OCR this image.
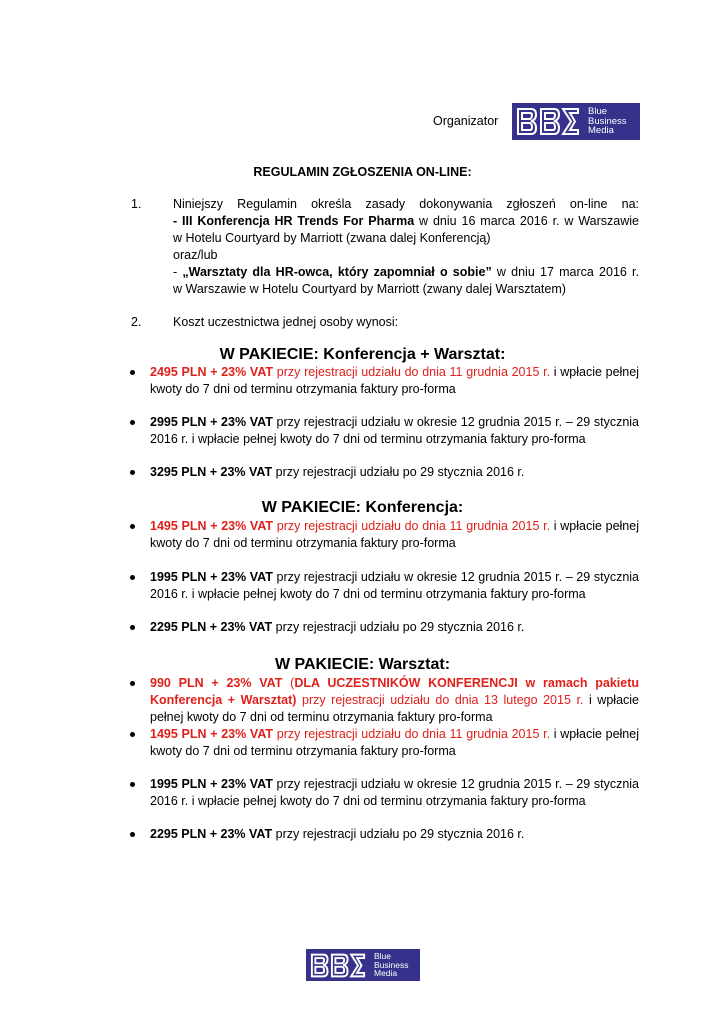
Organizator
Blue
Business
Media
REGULAMIN ZGŁOSZENIA ON-LINE:
1.	Niniejszy Regulamin określa zasady dokonywania zgłoszeń on-line na:
- III Konferencja HR Trends For Pharma w dniu 16 marca 2016 r. w Warszawie
w Hotelu Courtyard by Marriott (zwana dalej Konferencją)
oraz/lub
- „Warsztaty dla HR-owca, który zapomniał o sobie” w dniu 17 marca 2016 r.
w Warszawie w Hotelu Courtyard by Marriott (zwany dalej Warsztatem)
2.	Koszt uczestnictwa jednej osoby wynosi:
W PAKIECIE: Konferencja + Warsztat:
2495 PLN + 23% VAT przy rejestracji udziału do dnia 11 grudnia 2015 r. i wpłacie pełnej kwoty do 7 dni od terminu otrzymania faktury pro-forma
2995 PLN + 23% VAT przy rejestracji udziału w okresie 12 grudnia 2015 r. – 29 stycznia 2016 r. i wpłacie pełnej kwoty do 7 dni od terminu otrzymania faktury pro-forma
3295 PLN + 23% VAT przy rejestracji udziału po 29 stycznia 2016 r.
W PAKIECIE: Konferencja:
1495 PLN + 23% VAT przy rejestracji udziału do dnia 11 grudnia 2015 r. i wpłacie pełnej kwoty do 7 dni od terminu otrzymania faktury pro-forma
1995 PLN + 23% VAT przy rejestracji udziału w okresie 12 grudnia 2015 r. – 29 stycznia 2016 r. i wpłacie pełnej kwoty do 7 dni od terminu otrzymania faktury pro-forma
2295 PLN + 23% VAT przy rejestracji udziału po 29 stycznia 2016 r.
W PAKIECIE: Warsztat:
990 PLN + 23% VAT (DLA UCZESTNIKÓW KONFERENCJI w ramach pakietu Konferencja + Warsztat) przy rejestracji udziału do dnia 13 lutego 2015 r. i wpłacie pełnej kwoty do 7 dni od terminu otrzymania faktury pro-forma
1495 PLN + 23% VAT przy rejestracji udziału do dnia 11 grudnia 2015 r. i wpłacie pełnej kwoty do 7 dni od terminu otrzymania faktury pro-forma
1995 PLN + 23% VAT przy rejestracji udziału w okresie 12 grudnia 2015 r. – 29 stycznia 2016 r. i wpłacie pełnej kwoty do 7 dni od terminu otrzymania faktury pro-forma
2295 PLN + 23% VAT przy rejestracji udziału po 29 stycznia 2016 r.
Blue
Business
Media
